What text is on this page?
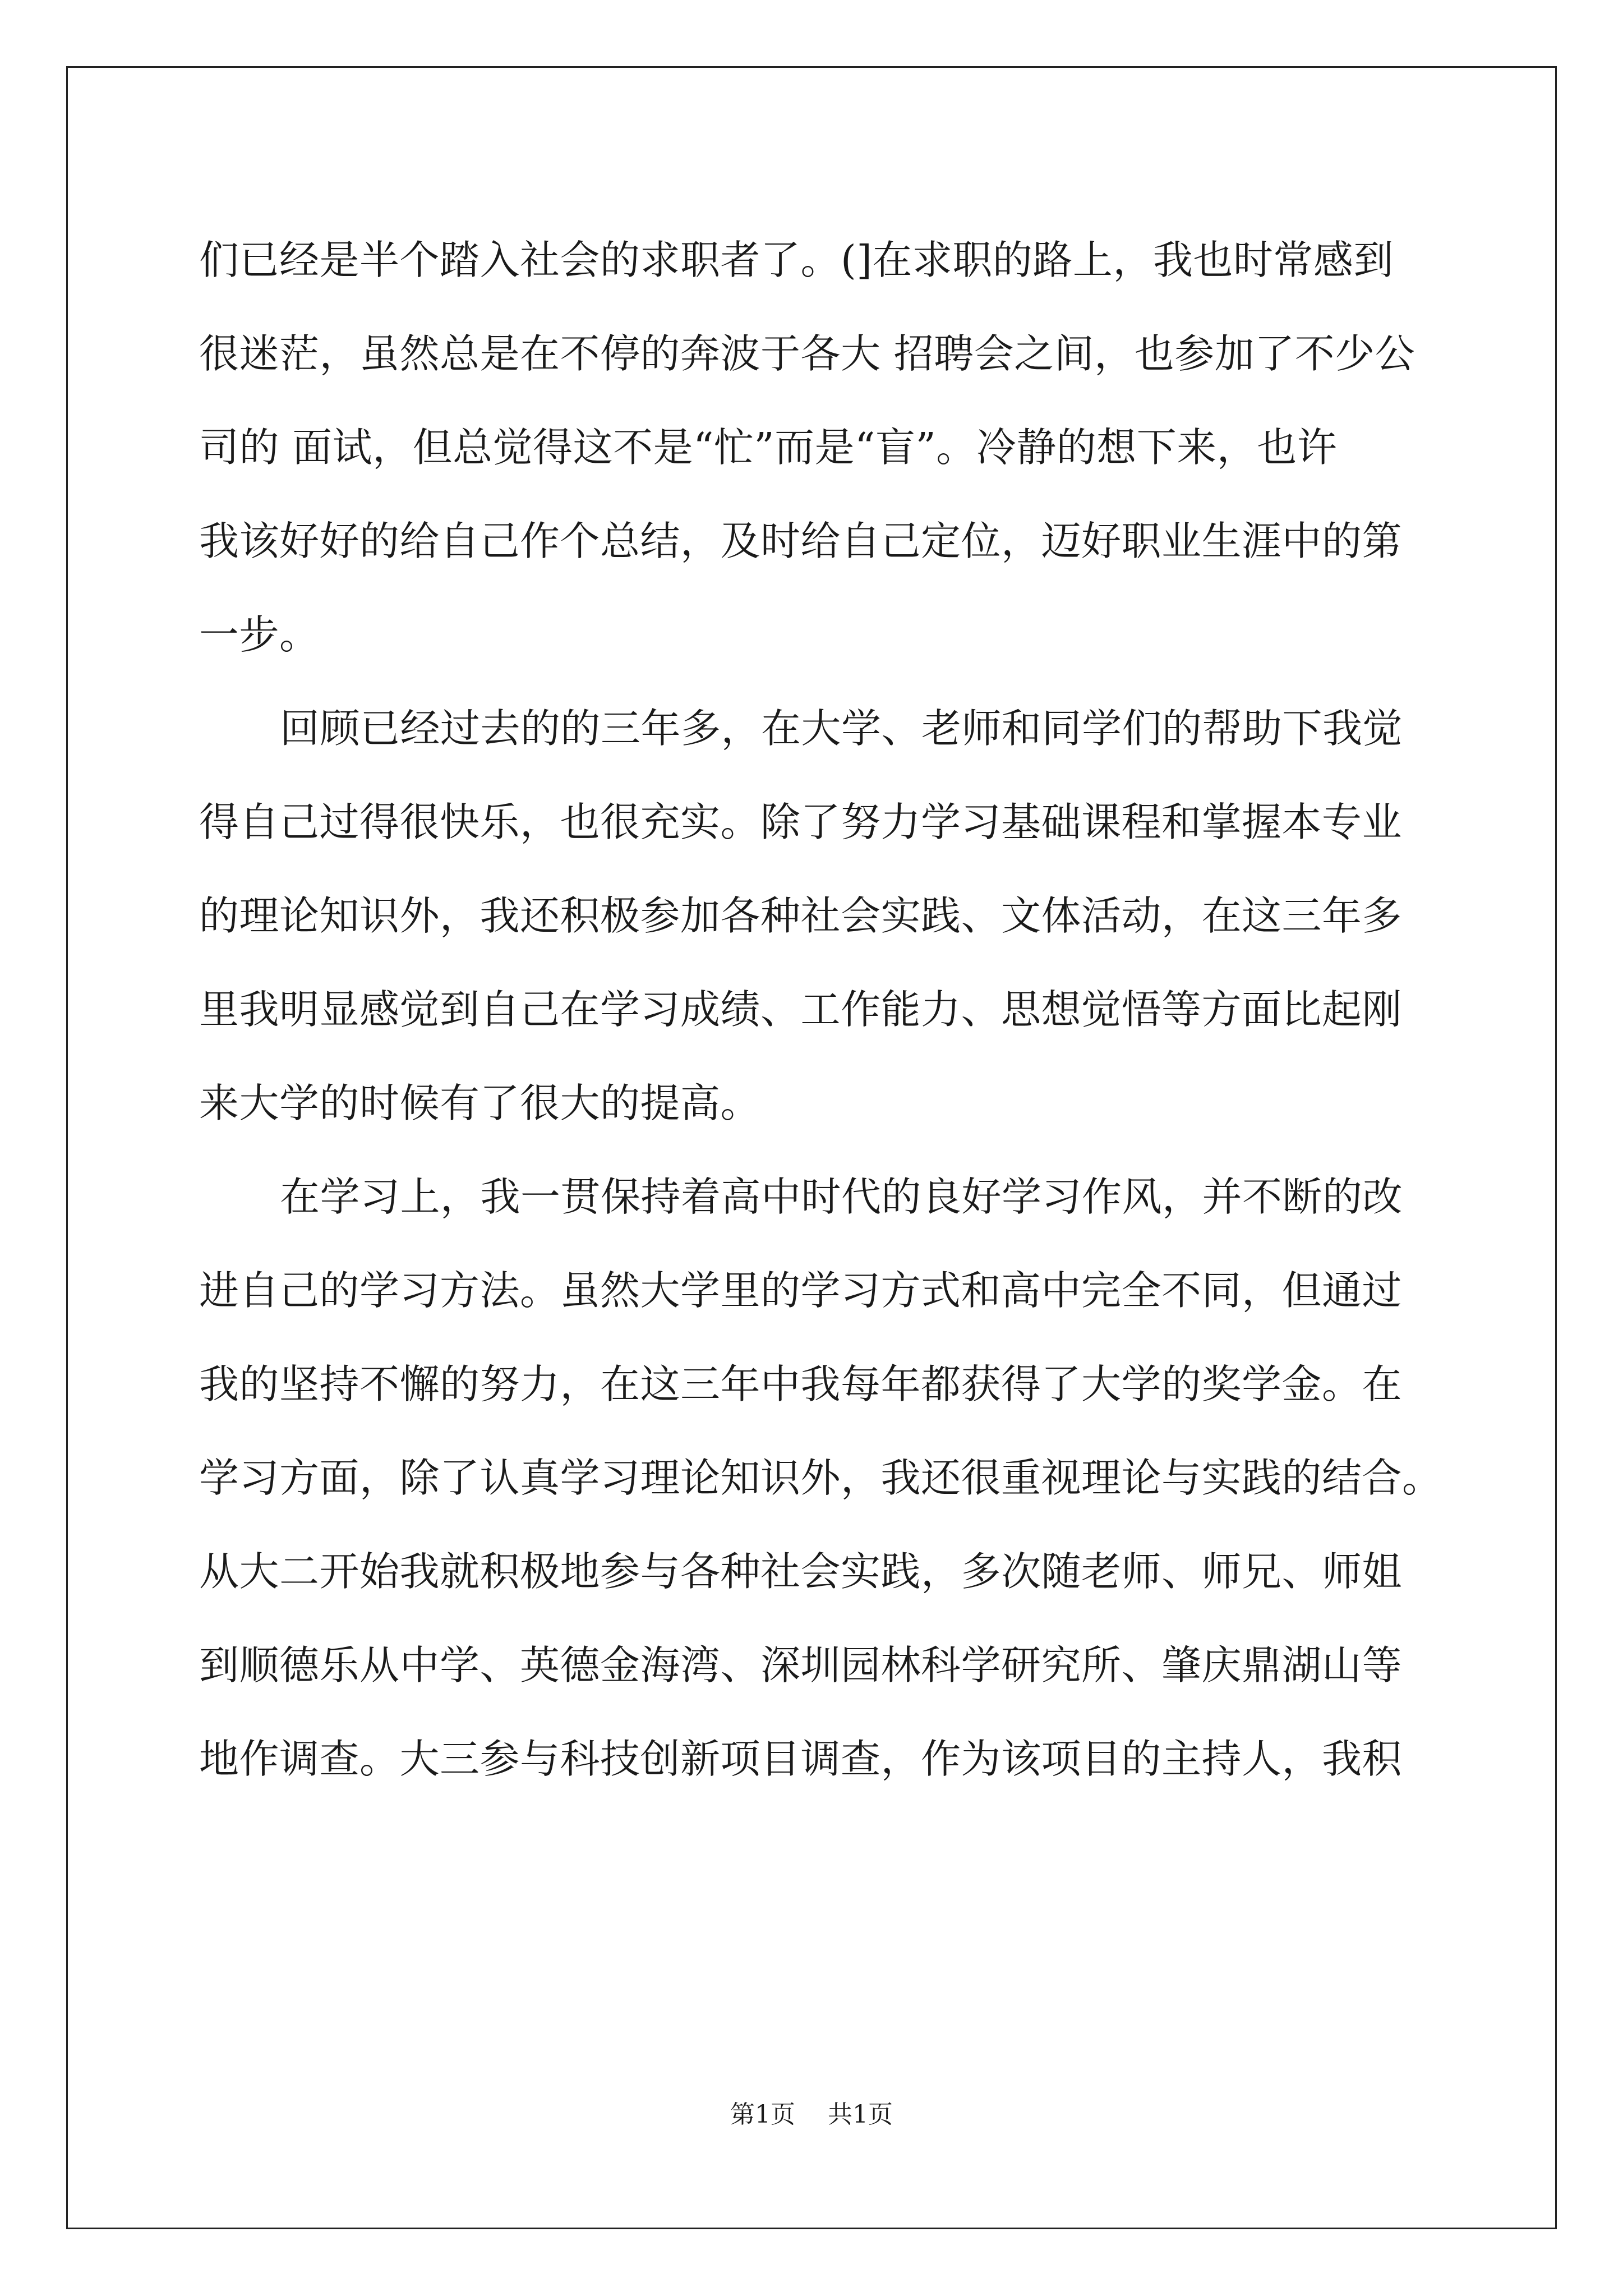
们已经是半个踏入社会的求职者了。(]在求职的路上，我也时常感到
很迷茫，虽然总是在不停的奔波于各大 招聘会之间，也参加了不少公
司的 面试，但总觉得这不是“忙”而是“盲”。冷静的想下来，也许
我该好好的给自己作个总结，及时给自己定位，迈好职业生涯中的第
一步。
回顾已经过去的的三年多，在大学、老师和同学们的帮助下我觉
得自己过得很快乐，也很充实。除了努力学习基础课程和掌握本专业
的理论知识外，我还积极参加各种社会实践、文体活动，在这三年多
里我明显感觉到自己在学习成绩、工作能力、思想觉悟等方面比起刚
来大学的时候有了很大的提高。
在学习上，我一贯保持着高中时代的良好学习作风，并不断的改
进自己的学习方法。虽然大学里的学习方式和高中完全不同，但通过
我的坚持不懈的努力，在这三年中我每年都获得了大学的奖学金。在
学习方面，除了认真学习理论知识外，我还很重视理论与实践的结合。
从大二开始我就积极地参与各种社会实践，多次随老师、师兄、师姐
到顺德乐从中学、英德金海湾、深圳园林科学研究所、肇庆鼎湖山等
地作调查。大三参与科技创新项目调查，作为该项目的主持人，我积
第1页 共1页
